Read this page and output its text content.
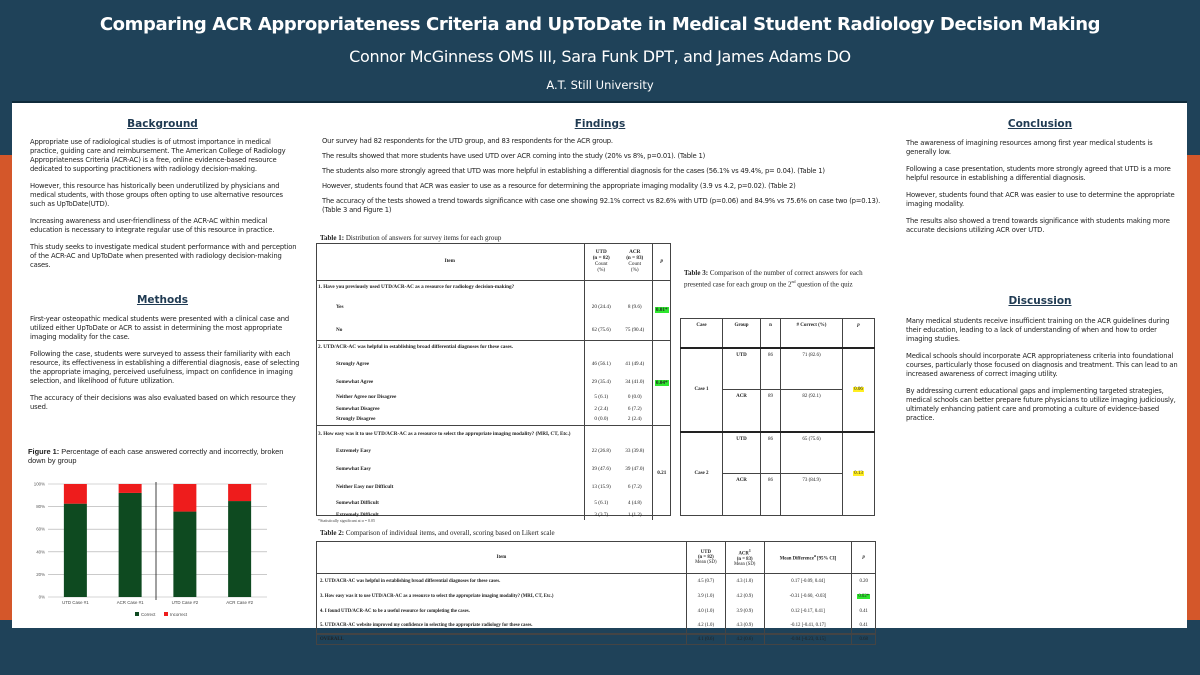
Comparing ACR Appropriateness Criteria and UpToDate in Medical Student Radiology Decision Making
Connor McGinness OMS III, Sara Funk DPT, and James Adams DO
A.T. Still University
Background

Appropriate use of radiological studies is of utmost importance in medical practice, guiding care and reimbursement. The American College of Radiology Appropriateness Criteria (ACR-AC) is a free, online evidence-based resource dedicated to supporting practitioners with radiology decision-making.

However, this resource has historically been underutilized by physicians and medical students, with those groups often opting to use alternative resources such as UpToDate(UTD).

Increasing awareness and user-friendliness of the ACR-AC within medical education is necessary to integrate regular use of this resource in practice.

This study seeks to investigate medical student performance with and perception of the ACR-AC and UpToDate when presented with radiology decision-making cases.

Methods

First-year osteopathic medical students were presented with a clinical case and utilized either UpToDate or ACR to assist in determining the most appropriate imaging modality for the case.

Following the case, students were surveyed to assess their familiarity with each resource, its effectiveness in establishing a differential diagnosis, ease of selecting the appropriate imaging, perceived usefulness, impact on confidence in imaging selection, and likelihood of future utilization.

The accuracy of their decisions was also evaluated based on which resource they used.

Figure 1: Percentage of each case answered correctly and incorrectly, broken down by group
0%
20%
40%
60%
80%
100%
UTD Case #1	ACR Case #1	UTD Case #2	ACR Case #2
Correct	Incorrect
Findings

Our survey had 82 respondents for the UTD group, and 83 respondents for the ACR group.

The results showed that more students have used UTD over ACR coming into the study (20% vs 8%, p=0.01). (Table 1)

The students also more strongly agreed that UTD was more helpful in establishing a differential diagnosis for the cases (56.1% vs 49.4%, p= 0.04). (Table 1)

However, students found that ACR was easier to use as a resource for determining the appropriate imaging modality (3.9 vs 4.2, p=0.02). (Table 2)

The accuracy of the tests showed a trend towards significance with case one showing 92.1% correct vs 82.6% with UTD (p=0.06) and 84.9% vs 75.6% on case two (p=0.13). (Table 3 and Figure 1)

Table 1: Distribution of answers for survey items for each group
Item	UTD
(n = 82)
Count
(%)	ACR
(n = 83)
Count
(%)	p
1. Have you previously used UTD/ACR-AC as a resource for radiology decision-making?			0.01*
Yes	20 (24.4)	8 (9.6)	
No	62 (75.6)	75 (90.4)	
2. UTD/ACR-AC was helpful in establishing broad differential diagnoses for these cases.			0.04*
Strongly Agree	46 (56.1)	41 (49.4)	
Somewhat Agree	29 (35.4)	34 (41.0)	
Neither Agree nor Disagree	5 (6.1)	0 (0.0)	
Somewhat Disagree	2 (2.4)	6 (7.2)	
Strongly Disagree	0 (0.0)	2 (2.4)	
3. How easy was it to use UTD/ACR-AC as a resource to select the appropriate imaging modality? (MRI, CT, Etc.)			0.21
Extremely Easy	22 (26.8)	33 (39.8)	
Somewhat Easy	39 (47.6)	39 (47.0)	
Neither Easy nor Difficult	13 (15.9)	6 (7.2)	
Somewhat Difficult	5 (6.1)	4 (4.8)	
Extremely Difficult	3 (3.7)	1 (1.2)	
*Statistically significant at α = 0.05
Table 2: Comparison of individual items, and overall, scoring based on Likert scale
Item	UTD
(n = 82)
Mean (SD)	ACR$^1$
(n = 83)
Mean (SD)	Mean Difference$^a$ [95% CI]	p
2. UTD/ACR-AC was helpful in establishing broad differential diagnoses for these cases.	4.5 (0.7)	4.3 (1.0)	0.17 [-0.09, 0.44]	0.20
3. How easy was it to use UTD/ACR-AC as a resource to select the appropriate imaging modality? (MRI, CT, Etc.)	3.9 (1.0)	4.2 (0.9)	-0.31 [-0.60, -0.03]	0.02*
4. I found UTD/ACR-AC to be a useful resource for completing the cases.	4.0 (1.0)	3.9 (0.9)	0.12 [-0.17, 0.41]	0.41
5. UTD/ACR-AC website improved my confidence in selecting the appropriate radiology for these cases.	4.2 (1.0)	4.3 (0.9)	-0.12 [-0.41, 0.17]	0.41
OVERALL	4.1 (0.6)	4.2 (0.6)	-0.04 [-0.23, 0.15]	0.68
Table 3: Comparison of the number of correct answers for each presented case for each group on the 2nd question of the quiz
Case	Group	n	# Correct (%)	p
Case 1	UTD	86	71 (82.6)	0.06
	ACR	89	82 (92.1)	
Case 2	UTD	86	65 (75.6)	0.13
	ACR	86	73 (84.9)	
Conclusion

The awareness of imagining resources among first year medical students is generally low.

Following a case presentation, students more strongly agreed that UTD is a more helpful resource in establishing a differential diagnosis.

However, students found that ACR was easier to use to determine the appropriate imaging modality.

The results also showed a trend towards significance with students making more accurate decisions utilizing ACR over UTD.

Discussion

Many medical students receive insufficient training on the ACR guidelines during their education, leading to a lack of understanding of when and how to order imaging studies.

Medical schools should incorporate ACR appropriateness criteria into foundational courses, particularly those focused on diagnosis and treatment. This can lead to an increased awareness of correct imaging utility.

By addressing current educational gaps and implementing targeted strategies, medical schools can better prepare future physicians to utilize imaging judiciously, ultimately enhancing patient care and promoting a culture of evidence-based practice.
